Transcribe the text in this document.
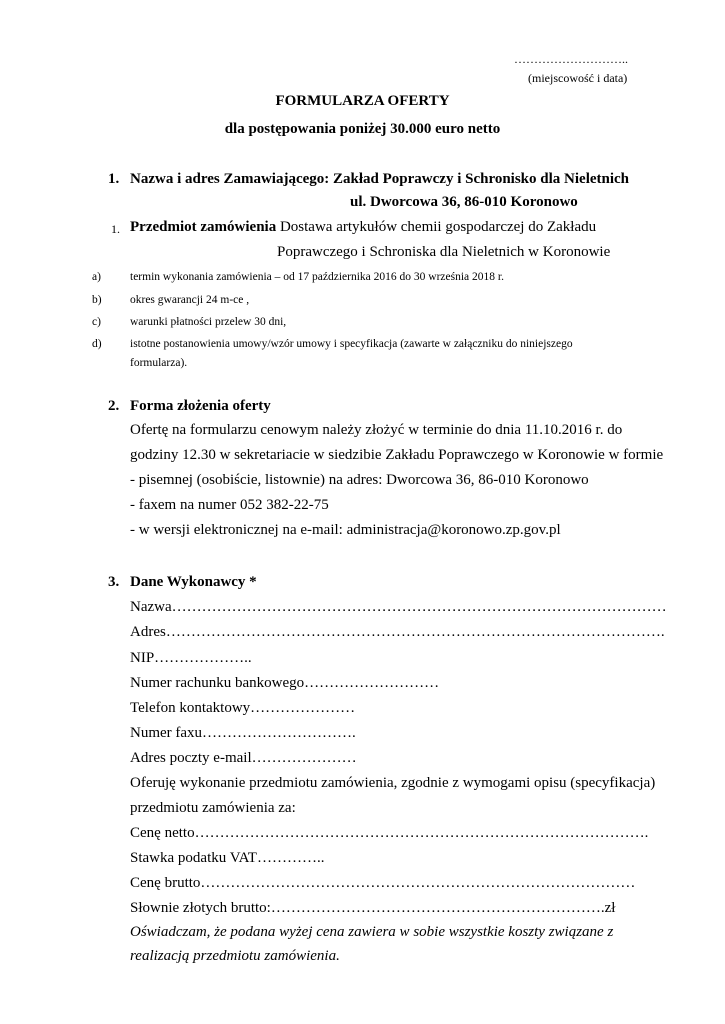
………………………..
(miejscowość i data)
FORMULARZA OFERTY
dla postępowania poniżej 30.000 euro netto
1. Nazwa i adres Zamawiającego: Zakład Poprawczy i Schronisko dla Nieletnich
ul. Dworcowa 36, 86-010 Koronowo
1. Przedmiot zamówienia Dostawa artykułów chemii gospodarczej do Zakładu
Poprawczego i Schroniska dla Nieletnich w Koronowie
a)	termin wykonania zamówienia – od 17 października 2016 do 30 września 2018 r.
b) okres gwarancji 24 m-ce ,
c)	warunki płatności przelew 30 dni,
d) istotne postanowienia umowy/wzór umowy i specyfikacja (zawarte w załączniku do niniejszego
formularza).
2. Forma złożenia oferty
Ofertę na formularzu cenowym należy złożyć w terminie do dnia 11.10.2016 r. do
godziny 12.30 w sekretariacie w siedzibie Zakładu Poprawczego w Koronowie w formie
- pisemnej (osobiście, listownie) na adres: Dworcowa 36, 86-010 Koronowo
- faxem na numer 052 382-22-75
- w wersji elektronicznej na e-mail: administracja@koronowo.zp.gov.pl
3. Dane Wykonawcy *
Nazwa………………………………………………………………………………………
Adres……………………………………………………………………………………….
NIP………………..
Numer rachunku bankowego………………………
Telefon kontaktowy…………………
Numer faxu………………………….
Adres poczty e-mail…………………
Oferuję wykonanie przedmiotu zamówienia, zgodnie z wymogami opisu (specyfikacja)
przedmiotu zamówienia za:
Cenę netto……………………………………………………………………………….
Stawka podatku VAT…………..
Cenę brutto……………………………………………………………………………
Słownie złotych brutto:………………………………………………………….zł
Oświadczam, że podana wyżej cena zawiera w sobie wszystkie koszty związane z
realizacją przedmiotu zamówienia.
